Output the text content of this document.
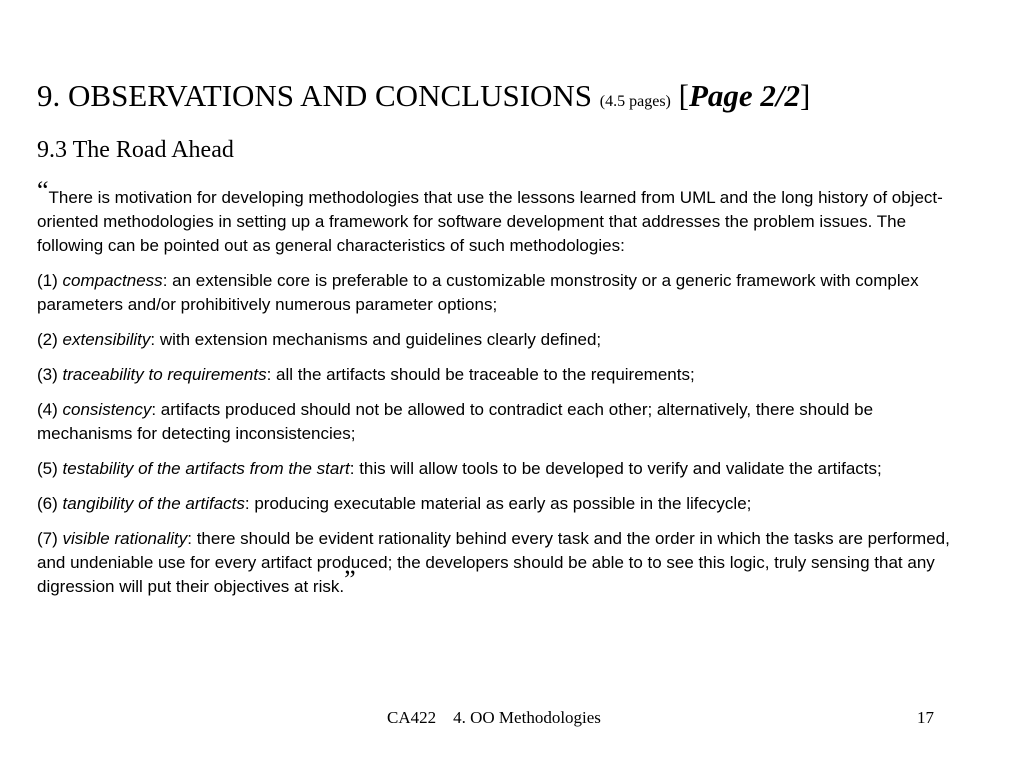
9. OBSERVATIONS AND CONCLUSIONS (4.5 pages) [Page 2/2]
9.3 The Road Ahead

“There is motivation for developing methodologies that use the lessons learned from UML and the long history of object-oriented methodologies in setting up a framework for software development that addresses the problem issues. The following can be pointed out as general characteristics of such methodologies:

(1) compactness: an extensible core is preferable to a customizable monstrosity or a generic framework with complex parameters and/or prohibitively numerous parameter options;

(2) extensibility: with extension mechanisms and guidelines clearly defined;

(3) traceability to requirements: all the artifacts should be traceable to the requirements;

(4) consistency: artifacts produced should not be allowed to contradict each other; alternatively, there should be mechanisms for detecting inconsistencies;

(5) testability of the artifacts from the start: this will allow tools to be developed to verify and validate the artifacts;

(6) tangibility of the artifacts: producing executable material as early as possible in the lifecycle;

(7) visible rationality: there should be evident rationality behind every task and the order in which the tasks are performed, and undeniable use for every artifact produced; the developers should be able to to see this logic, truly sensing that any digression will put their objectives at risk.”

CA422 4. OO Methodologies	17
